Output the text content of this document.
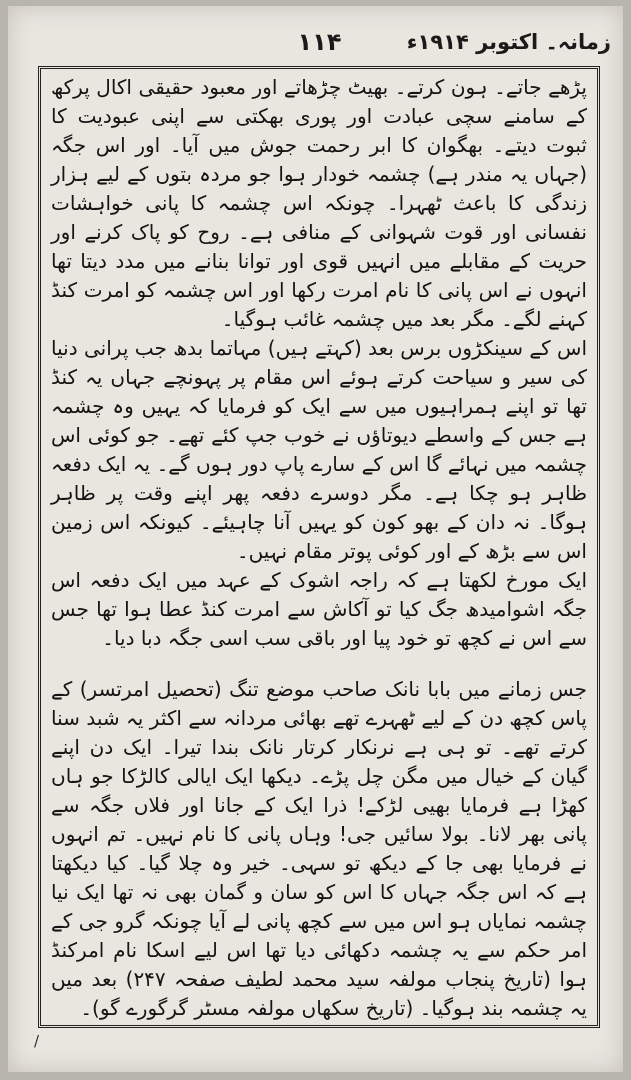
زمانہ۔ اکتوبر ۱۹۱۴ء
۱۱۴

پڑھے جاتے۔ ہون کرتے۔ بھیٹ چڑھاتے اور معبود حقیقی اکال پرکھ کے سامنے سچی عبادت اور پوری بھکتی سے اپنی عبودیت کا ثبوت دیتے۔ بھگوان کا ابر رحمت جوش میں آیا۔ اور اس جگہ (جہاں یہ مندر ہے) چشمہ خودار ہوا جو مردہ بتوں کے لیے ہزار زندگی کا باعث ٹھہرا۔ چونکہ اس چشمہ کا پانی خواہشات نفسانی اور قوت شہوانی کے منافی ہے۔ روح کو پاک کرنے اور حریت کے مقابلے میں انہیں قوی اور توانا بنانے میں مدد دیتا تھا انہوں نے اس پانی کا نام امرت رکھا اور اس چشمہ کو امرت کنڈ کہنے لگے۔ مگر بعد میں چشمہ غائب ہوگیا۔

اس کے سینکڑوں برس بعد (کہتے ہیں) مہاتما بدھ جب پرانی دنیا کی سیر و سیاحت کرتے ہوئے اس مقام پر پہونچے جہاں یہ کنڈ تھا تو اپنے ہمراہیوں میں سے ایک کو فرمایا کہ یہیں وہ چشمہ ہے جس کے واسطے دیوتاؤں نے خوب جپ کئے تھے۔ جو کوئی اس چشمہ میں نہائے گا اس کے سارے پاپ دور ہوں گے۔ یہ ایک دفعہ ظاہر ہو چکا ہے۔ مگر دوسرے دفعہ پھر اپنے وقت پر ظاہر ہوگا۔ نہ دان کے بھو کون کو یہیں آنا چاہیئے۔ کیونکہ اس زمین اس سے بڑھ کے اور کوئی پوتر مقام نہیں۔

ایک مورخ لکھتا ہے کہ راجہ اشوک کے عہد میں ایک دفعہ اس جگہ اشوامیدھ جگ کیا تو آکاش سے امرت کنڈ عطا ہوا تھا جس سے اس نے کچھ تو خود پیا اور باقی سب اسی جگہ دبا دیا۔

جس زمانے میں بابا نانک صاحب موضع تنگ (تحصیل امرتسر) کے پاس کچھ دن کے لیے ٹھہرے تھے بھائی مردانہ سے اکثر یہ شبد سنا کرتے تھے۔ تو ہی ہے نرنکار کرتار نانک بندا تیرا۔ ایک دن اپنے گیان کے خیال میں مگن چل پڑے۔ دیکھا ایک ایالی کالڑکا جو ہاں کھڑا ہے فرمایا بھیی لڑکے! ذرا ایک کے جانا اور فلاں جگہ سے پانی بھر لانا۔ بولا سائیں جی! وہاں پانی کا نام نہیں۔ تم انہوں نے فرمایا بھی جا کے دیکھ تو سہی۔ خیر وہ چلا گیا۔ کیا دیکھتا ہے کہ اس جگہ جہاں کا اس کو سان و گمان بھی نہ تھا ایک نیا چشمہ نمایاں ہو اس میں سے کچھ پانی لے آیا چونکہ گرو جی کے امر حکم سے یہ چشمہ دکھائی دیا تھا اس لیے اسکا نام امرکنڈ ہوا (تاریخ پنجاب مولفہ سید محمد لطیف صفحہ ۲۴۷) بعد میں یہ چشمہ بند ہوگیا۔ (تاریخ سکھاں مولفہ مسٹر گرگورے گو)۔

/
